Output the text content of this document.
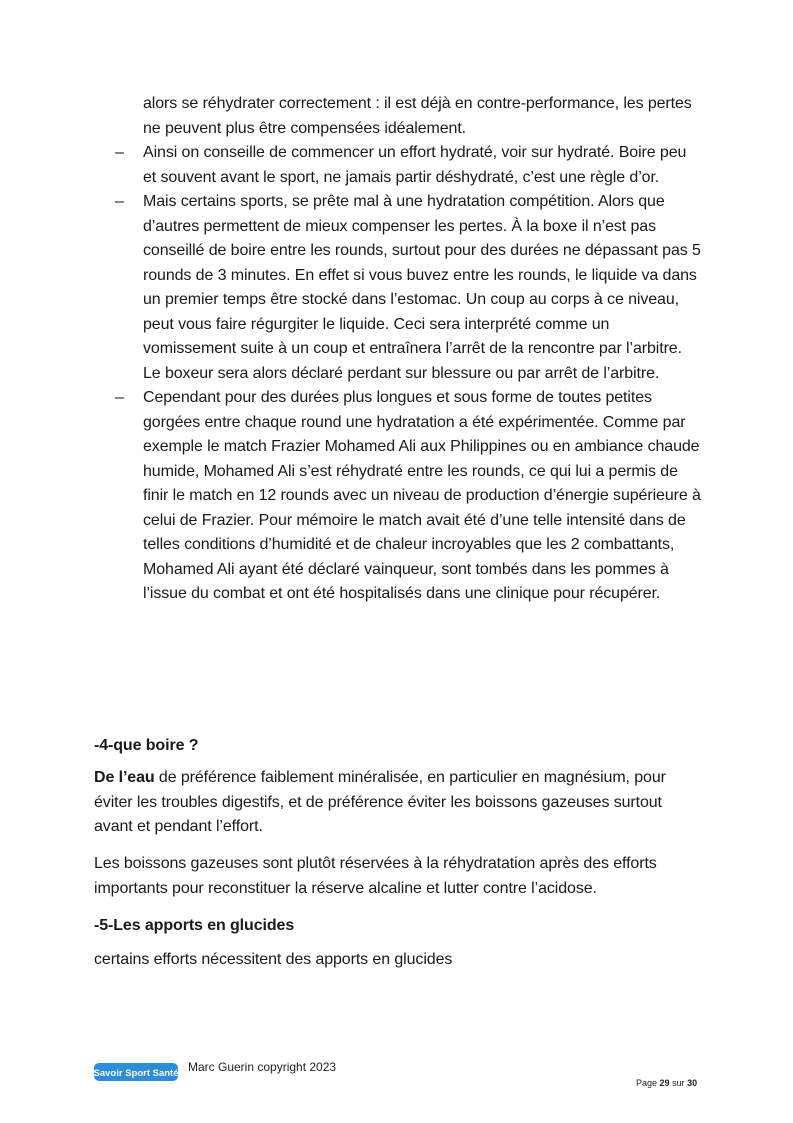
alors se réhydrater correctement : il est déjà en contre-performance, les pertes ne peuvent plus être compensées idéalement.
– Ainsi on conseille de commencer un effort hydraté, voir sur hydraté. Boire peu et souvent avant le sport, ne jamais partir déshydraté, c’est une règle d’or.
– Mais certains sports, se prête mal à une hydratation compétition. Alors que d’autres permettent de mieux compenser les pertes. À la boxe il n’est pas conseillé de boire entre les rounds, surtout pour des durées ne dépassant pas 5 rounds de 3 minutes. En effet si vous buvez entre les rounds, le liquide va dans un premier temps être stocké dans l’estomac. Un coup au corps à ce niveau, peut vous faire régurgiter le liquide. Ceci sera interprété comme un vomissement suite à un coup et entraînera l’arrêt de la rencontre par l’arbitre. Le boxeur sera alors déclaré perdant sur blessure ou par arrêt de l’arbitre.
– Cependant pour des durées plus longues et sous forme de toutes petites gorgées entre chaque round une hydratation a été expérimentée. Comme par exemple le match Frazier Mohamed Ali aux Philippines ou en ambiance chaude humide, Mohamed Ali s’est réhydraté entre les rounds, ce qui lui a permis de finir le match en 12 rounds avec un niveau de production d’énergie supérieure à celui de Frazier. Pour mémoire le match avait été d’une telle intensité dans de telles conditions d’humidité et de chaleur incroyables que les 2 combattants, Mohamed Ali ayant été déclaré vainqueur, sont tombés dans les pommes à l’issue du combat et ont été hospitalisés dans une clinique pour récupérer.
-4-que boire ?
De l’eau de préférence faiblement minéralisée, en particulier en magnésium, pour éviter les troubles digestifs, et de préférence éviter les boissons gazeuses surtout avant et pendant l’effort.
Les boissons gazeuses sont plutôt réservées à la réhydratation après des efforts importants pour reconstituer la réserve alcaline et lutter contre l’acidose.
-5-Les apports en glucides
certains efforts nécessitent des apports en glucides
Savoir Sport Santé Marc Guerin copyright 2023
Page 29 sur 30
